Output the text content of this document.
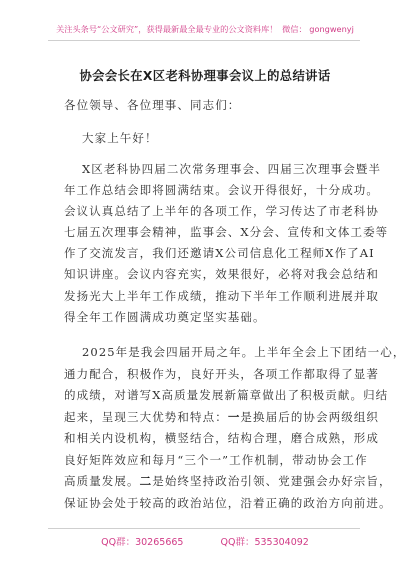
关注头条号“公文研究”，获得最新最全最专业的公文资料库！ 微信： gongwenyj
协会会长在X区老科协理事会议上的总结讲话
各位领导、各位理事、同志们：
大家上午好！
X区老科协四届二次常务理事会、四届三次理事会暨半
年工作总结会即将圆满结束。会议开得很好，十分成功。
会议认真总结了上半年的各项工作，学习传达了市老科协
七届五次理事会精神，监事会、X分会、宣传和文体工委等
作了交流发言，我们还邀请X公司信息化工程师X作了AI
知识讲座。会议内容充实，效果很好，必将对我会总结和
发扬光大上半年工作成绩，推动下半年工作顺利进展并取
得全年工作圆满成功奠定坚实基础。
2025年是我会四届开局之年。上半年全会上下团结一心，
通力配合，积极作为，良好开头，各项工作都取得了显著
的成绩，对谱写X高质量发展新篇章做出了积极贡献。归结
起来，呈现三大优势和特点：一是换届后的协会两级组织
和相关内设机构，横竖结合，结构合理，磨合成熟，形成
良好矩阵效应和每月“三个一”工作机制，带动协会工作
高质量发展。二是始终坚持政治引领、党建强会办好宗旨，
保证协会处于较高的政治站位，沿着正确的政治方向前进。
QQ群：30265665	QQ群：535304092
